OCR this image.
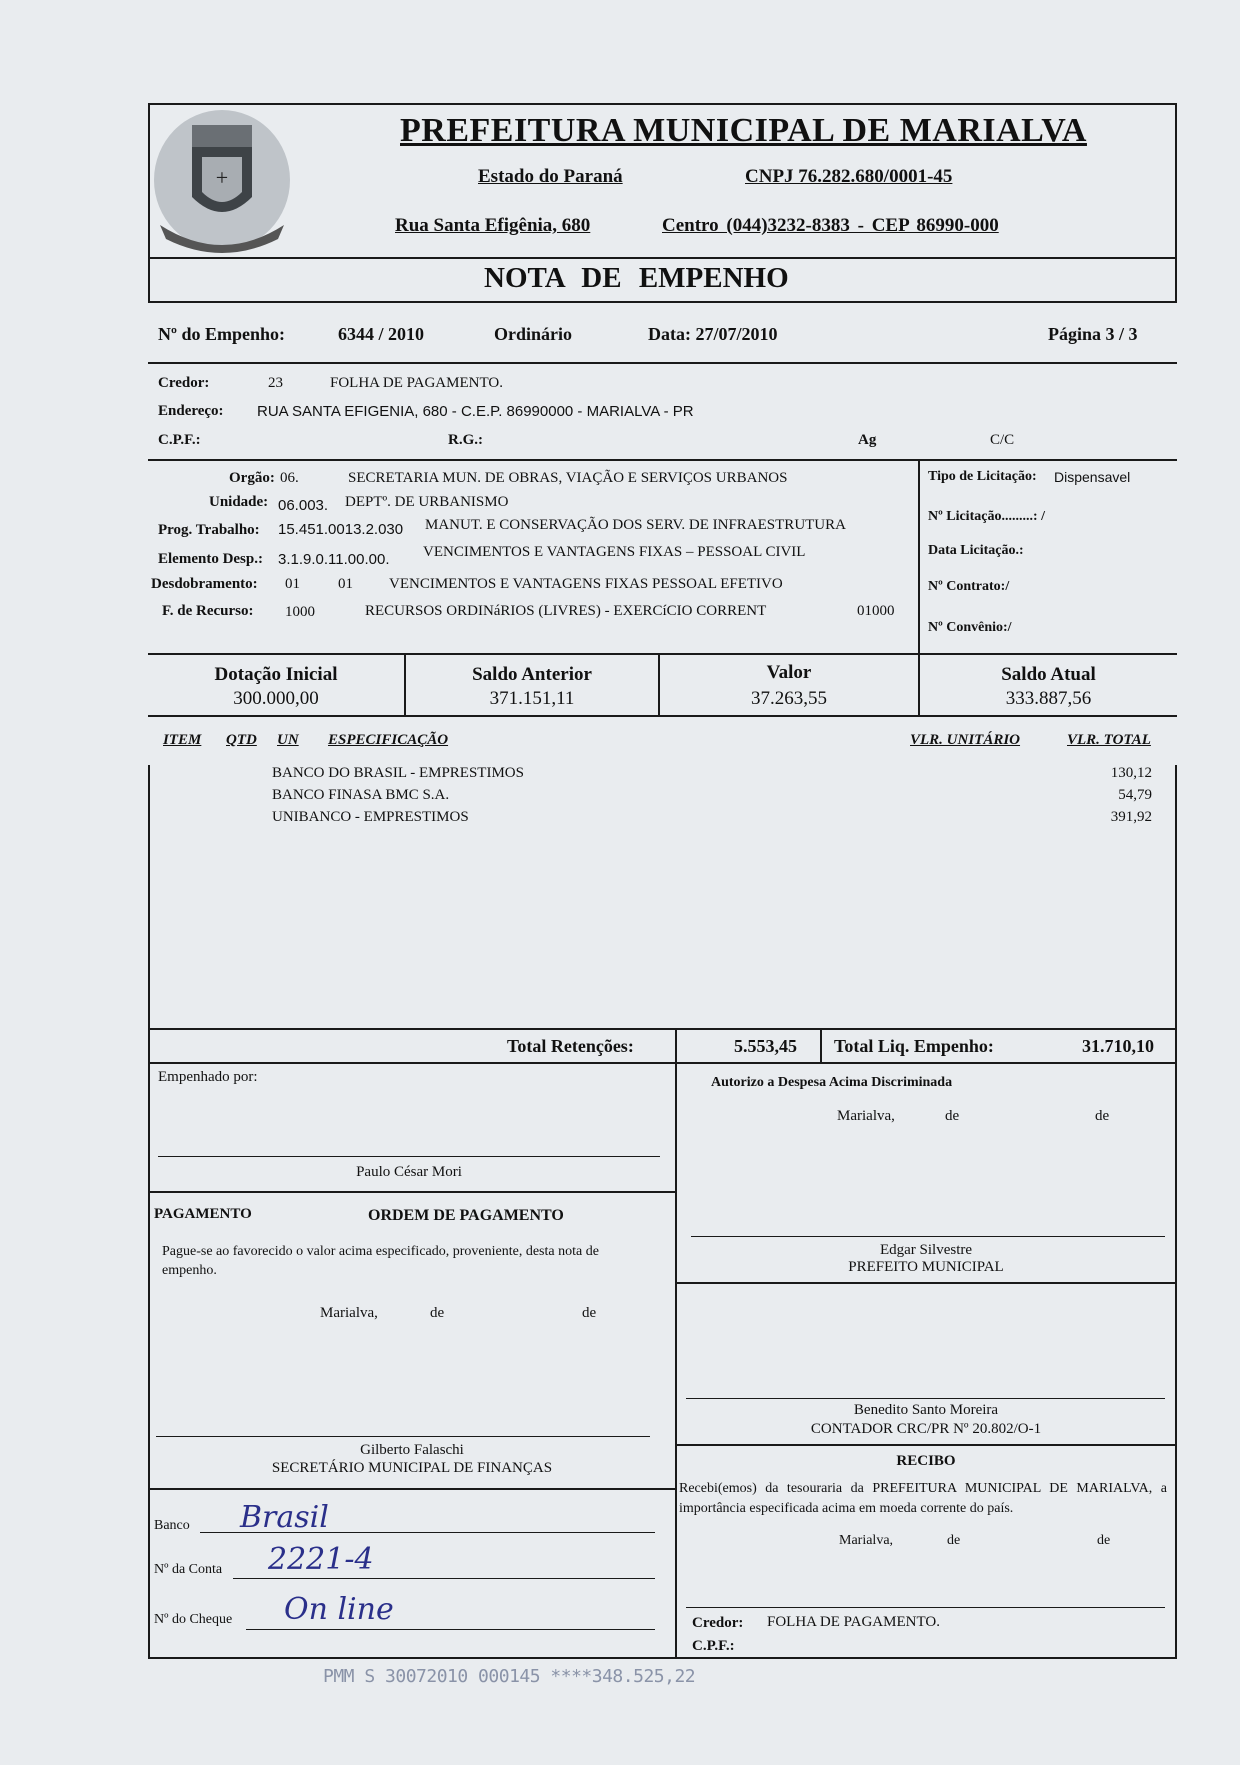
+
PREFEITURA MUNICIPAL DE MARIALVA
Estado do Paraná	CNPJ 76.282.680/0001-45
Rua Santa Efigênia, 680	Centro (044)3232-8383 - CEP 86990-000
NOTA DE EMPENHO
Nº do Empenho:	6344 / 2010	Ordinário	Data: 27/07/2010	Página 3 / 3
Credor:	23	FOLHA DE PAGAMENTO.
Endereço: RUA SANTA EFIGENIA, 680 - C.E.P. 86990000 - MARIALVA - PR
C.P.F.:	R.G.:	Ag	C/C
Orgão: 06.	SECRETARIA MUN. DE OBRAS, VIAÇÃO E SERVIÇOS URBANOS
Unidade: 06.003. DEPTº. DE URBANISMO
Prog. Trabalho: 15.451.0013.2.030 MANUT. E CONSERVAÇÃO DOS SERV. DE INFRAESTRUTURA
Elemento Desp.: 3.1.9.0.11.00.00. VENCIMENTOS E VANTAGENS FIXAS – PESSOAL CIVIL
Desdobramento: 01	01 VENCIMENTOS E VANTAGENS FIXAS PESSOAL EFETIVO
F. de Recurso: 1000	RECURSOS ORDINáRIOS (LIVRES) - EXERCíCIO CORRENT	01000
Tipo de Licitação: Dispensavel
Nº Licitação.........: /
Data Licitação.:
Nº Contrato:/
Nº Convênio:/
Dotação Inicial
300.000,00
Saldo Anterior
371.151,11
Valor
37.263,55
Saldo Atual
333.887,56
ITEM QTD UN ESPECIFICAÇÃO	VLR. UNITÁRIO	VLR. TOTAL
BANCO DO BRASIL - EMPRESTIMOS	130,12
BANCO FINASA BMC S.A.	54,79
UNIBANCO - EMPRESTIMOS	391,92
Total Retenções:	5.553,45 Total Liq. Empenho:	31.710,10
Empenhado por:
Paulo César Mori
PAGAMENTO	ORDEM DE PAGAMENTO
Pague-se ao favorecido o valor acima especificado, proveniente, desta nota de empenho.
Marialva,	de	de
Gilberto Falaschi
SECRETÁRIO MUNICIPAL DE FINANÇAS
Banco Brasil
Nº da Conta 2221-4
Nº do Cheque On line
Autorizo a Despesa Acima Discriminada
Marialva,	de	de
Edgar Silvestre
PREFEITO MUNICIPAL
Benedito Santo Moreira
CONTADOR CRC/PR Nº 20.802/O-1
RECIBO
Recebi(emos) da tesouraria da PREFEITURA MUNICIPAL DE MARIALVA, a importância especificada acima em moeda corrente do país.
Marialva,	de	de
Credor: FOLHA DE PAGAMENTO.
C.P.F.:
PMM S 30072010 000145 ****348.525,22
